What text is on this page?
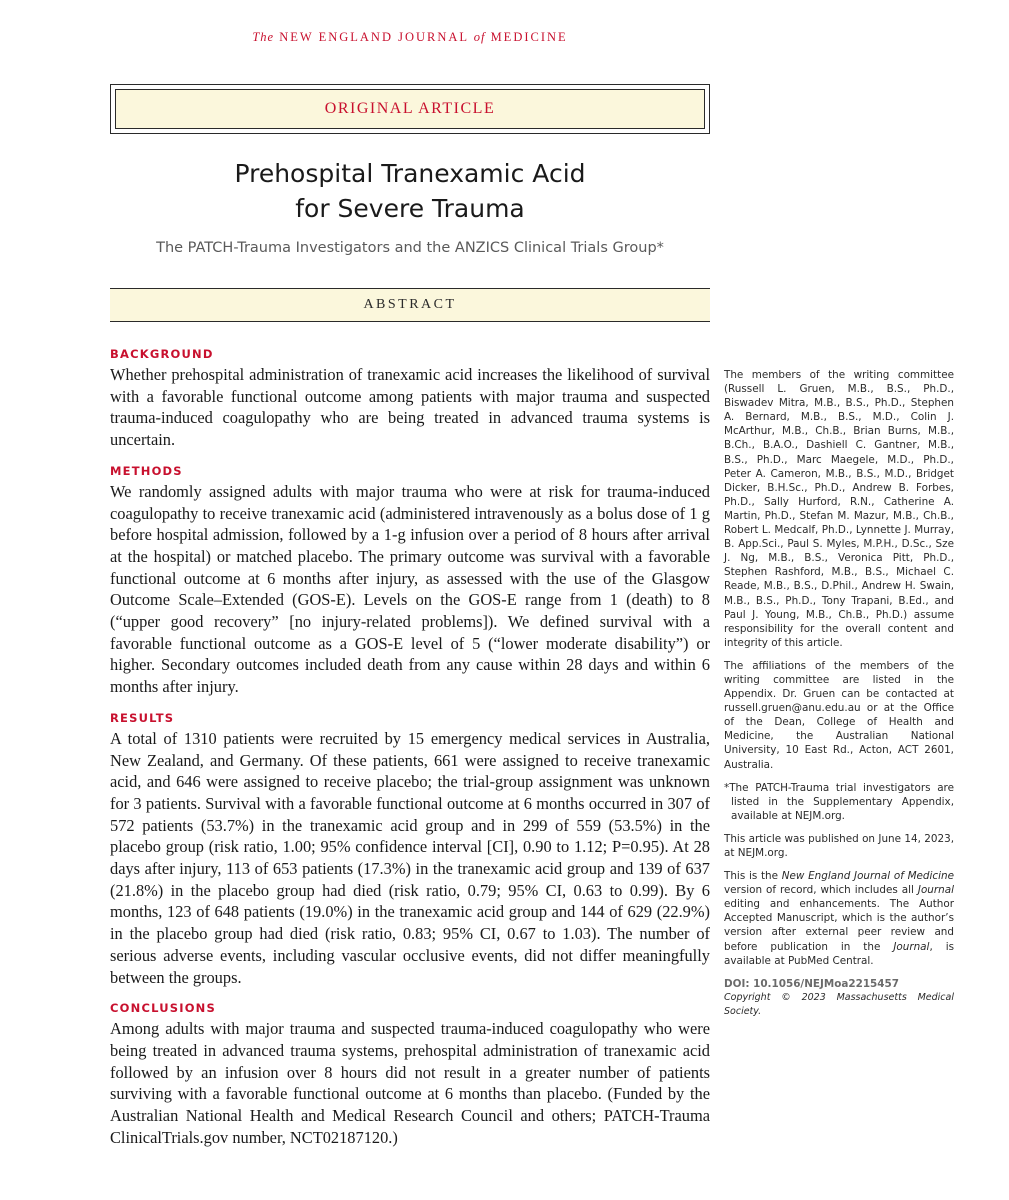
The NEW ENGLAND JOURNAL of MEDICINE
ORIGINAL ARTICLE
Prehospital Tranexamic Acid
for Severe Trauma
The PATCH-Trauma Investigators and the ANZICS Clinical Trials Group*
ABSTRACT
BACKGROUND

Whether prehospital administration of tranexamic acid increases the likelihood of survival with a favorable functional outcome among patients with major trauma and suspected trauma-induced coagulopathy who are being treated in advanced trauma systems is uncertain.

METHODS

We randomly assigned adults with major trauma who were at risk for trauma-induced coagulopathy to receive tranexamic acid (administered intravenously as a bolus dose of 1 g before hospital admission, followed by a 1-g infusion over a period of 8 hours after arrival at the hospital) or matched placebo. The primary outcome was survival with a favorable functional outcome at 6 months after injury, as assessed with the use of the Glasgow Outcome Scale–Extended (GOS-E). Levels on the GOS-E range from 1 (death) to 8 (“upper good recovery” [no injury-related problems]). We defined survival with a favorable functional outcome as a GOS-E level of 5 (“lower moderate disability”) or higher. Secondary outcomes included death from any cause within 28 days and within 6 months after injury.

RESULTS

A total of 1310 patients were recruited by 15 emergency medical services in Australia, New Zealand, and Germany. Of these patients, 661 were assigned to receive tranexamic acid, and 646 were assigned to receive placebo; the trial-group assignment was unknown for 3 patients. Survival with a favorable functional outcome at 6 months occurred in 307 of 572 patients (53.7%) in the tranexamic acid group and in 299 of 559 (53.5%) in the placebo group (risk ratio, 1.00; 95% confidence interval [CI], 0.90 to 1.12; P=0.95). At 28 days after injury, 113 of 653 patients (17.3%) in the tranexamic acid group and 139 of 637 (21.8%) in the placebo group had died (risk ratio, 0.79; 95% CI, 0.63 to 0.99). By 6 months, 123 of 648 patients (19.0%) in the tranexamic acid group and 144 of 629 (22.9%) in the placebo group had died (risk ratio, 0.83; 95% CI, 0.67 to 1.03). The number of serious adverse events, including vascular occlusive events, did not differ meaningfully between the groups.

CONCLUSIONS

Among adults with major trauma and suspected trauma-induced coagulopathy who were being treated in advanced trauma systems, prehospital administration of tranexamic acid followed by an infusion over 8 hours did not result in a greater number of patients surviving with a favorable functional outcome at 6 months than placebo. (Funded by the Australian National Health and Medical Research Council and others; PATCH-Trauma ClinicalTrials.gov number, NCT02187120.)

The members of the writing committee (Russell L. Gruen, M.B., B.S., Ph.D., Biswadev Mitra, M.B., B.S., Ph.D., Stephen A. Bernard, M.B., B.S., M.D., Colin J. McArthur, M.B., Ch.B., Brian Burns, M.B., B.Ch., B.A.O., Dashiell C. Gantner, M.B., B.S., Ph.D., Marc Maegele, M.D., Ph.D., Peter A. Cameron, M.B., B.S., M.D., Bridget Dicker, B.H.Sc., Ph.D., Andrew B. Forbes, Ph.D., Sally Hurford, R.N., Catherine A. Martin, Ph.D., Stefan M. Mazur, M.B., Ch.B., Robert L. Medcalf, Ph.D., Lynnette J. Murray, B. App.Sci., Paul S. Myles, M.P.H., D.Sc., Sze J. Ng, M.B., B.S., Veronica Pitt, Ph.D., Stephen Rashford, M.B., B.S., Michael C. Reade, M.B., B.S., D.Phil., Andrew H. Swain, M.B., B.S., Ph.D., Tony Trapani, B.Ed., and Paul J. Young, M.B., Ch.B., Ph.D.) assume responsibility for the overall content and integrity of this article.

The affiliations of the members of the writing committee are listed in the Appendix. Dr. Gruen can be contacted at russell.gruen@anu.edu.au or at the Office of the Dean, College of Health and Medicine, the Australian National University, 10 East Rd., Acton, ACT 2601, Australia.

*The PATCH-Trauma trial investigators are listed in the Supplementary Appendix, available at NEJM.org.

This article was published on June 14, 2023, at NEJM.org.

This is the New England Journal of Medicine version of record, which includes all Journal editing and enhancements. The Author Accepted Manuscript, which is the author’s version after external peer review and before publication in the Journal, is available at PubMed Central.

DOI: 10.1056/NEJMoa2215457

Copyright © 2023 Massachusetts Medical Society.
